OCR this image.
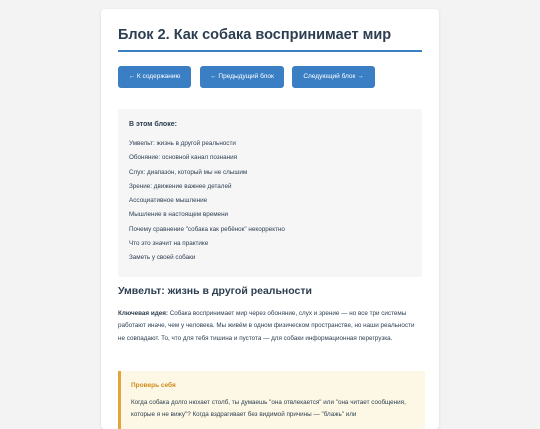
Блок 2. Как собака воспринимает мир
← К содержанию	← Предыдущий блок	Следующий блок →
В этом блоке:
Умвельт: жизнь в другой реальности
Обоняние: основной канал познания
Слух: диапазон, который мы не слышим
Зрение: движение важнее деталей
Ассоциативное мышление
Мышление в настоящем времени
Почему сравнение "собака как ребёнок" некорректно
Что это значит на практике
Заметь у своей собаки
Умвельт: жизнь в другой реальности

Ключевая идея: Собака воспринимает мир через обоняние, слух и зрение — но все три системы работают иначе, чем у человека. Мы живём в одном физическом пространстве, но наши реальности не совпадают. То, что для тебя тишина и пустота — для собаки информационная перегрузка.

Проверь себя

Когда собака долго нюхает столб, ты думаешь "она отвлекается" или "она читает сообщения, которые я не вижу"? Когда вздрагивает без видимой причины — "блажь" или
